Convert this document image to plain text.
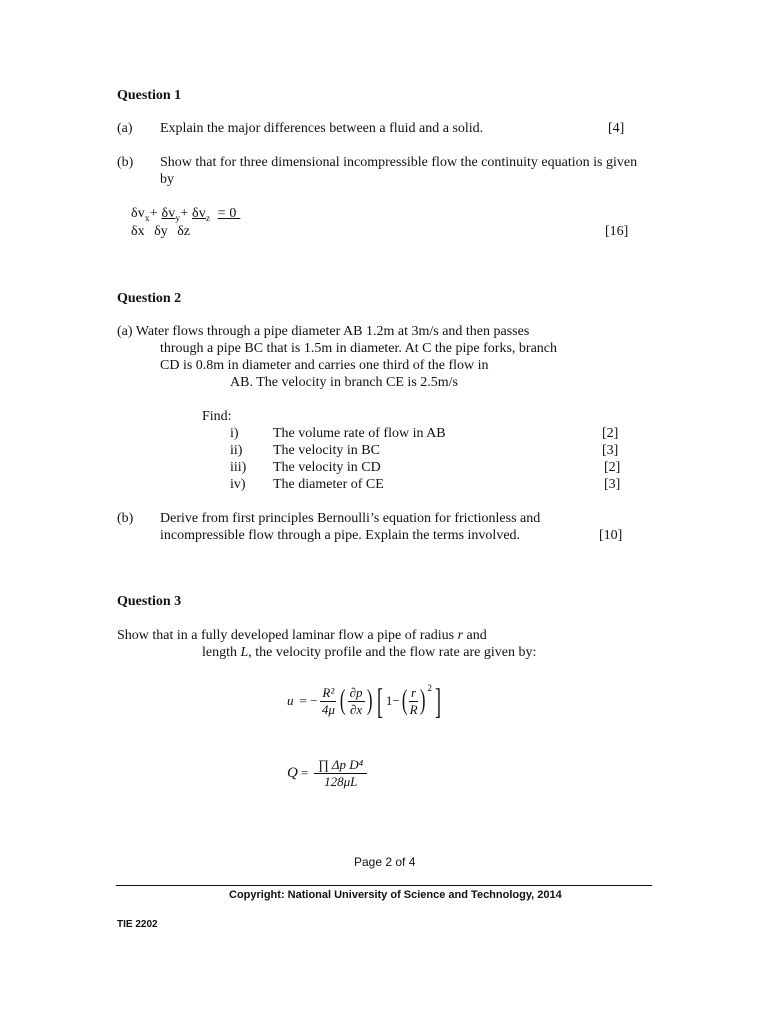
Question 1
(a) Explain the major differences between a fluid and a solid.	[4]
(b) Show that for three dimensional incompressible flow the continuity equation is given
by
$\delta v_x+ \delta v_y+ \delta v_z = 0$
δx δy δz	[16]
Question 2
(a) Water flows through a pipe diameter AB 1.2m at 3m/s and then passes
through a pipe BC that is 1.5m in diameter. At C the pipe forks, branch
CD is 0.8m in diameter and carries one third of the flow in
AB. The velocity in branch CE is 2.5m/s
Find:
i) The volume rate of flow in AB	[2]
ii) The velocity in BC	[3]
iii) The velocity in CD	[2]
iv) The diameter of CE	[3]
(b) Derive from first principles Bernoulli’s equation for frictionless and
incompressible flow through a pipe. Explain the terms involved.	[10]
Question 3
Show that in a fully developed laminar flow a pipe of radius r and
length L, the velocity profile and the flow rate are given by:
u = − $\frac{\text{R²}}{4\mu}$ ( $\frac{\partial p}{\partial x}$ ) [ 1− ( $\frac{r}{R}$ ) 2 ]
$Q = \frac{\text{∏ Δp D⁴}}{128\mu L}$
Page 2 of 4
Copyright: National University of Science and Technology, 2014
TIE 2202
